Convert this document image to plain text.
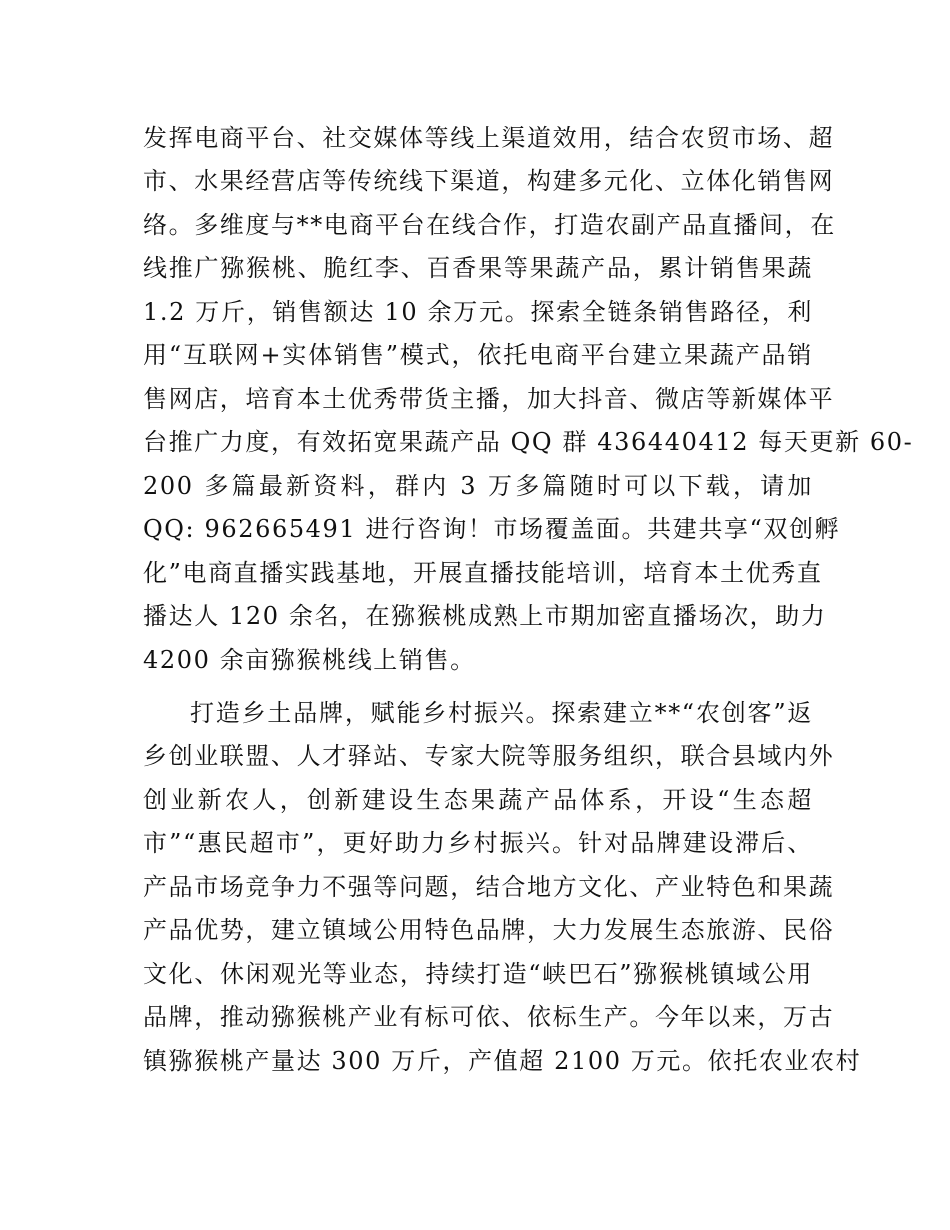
发挥电商平台、社交媒体等线上渠道效用，结合农贸市场、超
市、水果经营店等传统线下渠道，构建多元化、立体化销售网
络。多维度与**电商平台在线合作，打造农副产品直播间，在
线推广猕猴桃、脆红李、百香果等果蔬产品，累计销售果蔬
1.2 万斤，销售额达 10 余万元。探索全链条销售路径，利
用“互联网+实体销售”模式，依托电商平台建立果蔬产品销
售网店，培育本土优秀带货主播，加大抖音、微店等新媒体平
台推广力度，有效拓宽果蔬产品 QQ 群 436440412 每天更新 60-
200 多篇最新资料，群内 3 万多篇随时可以下载，请加
QQ: 962665491 进行咨询！市场覆盖面。共建共享“双创孵
化”电商直播实践基地，开展直播技能培训，培育本土优秀直
播达人 120 余名，在猕猴桃成熟上市期加密直播场次，助力
4200 余亩猕猴桃线上销售。
打造乡土品牌，赋能乡村振兴。探索建立**“农创客”返
乡创业联盟、人才驿站、专家大院等服务组织，联合县域内外
创业新农人，创新建设生态果蔬产品体系，开设“生态超
市”“惠民超市”，更好助力乡村振兴。针对品牌建设滞后、
产品市场竞争力不强等问题，结合地方文化、产业特色和果蔬
产品优势，建立镇域公用特色品牌，大力发展生态旅游、民俗
文化、休闲观光等业态，持续打造“峡巴石”猕猴桃镇域公用
品牌，推动猕猴桃产业有标可依、依标生产。今年以来，万古
镇猕猴桃产量达 300 万斤，产值超 2100 万元。依托农业农村
